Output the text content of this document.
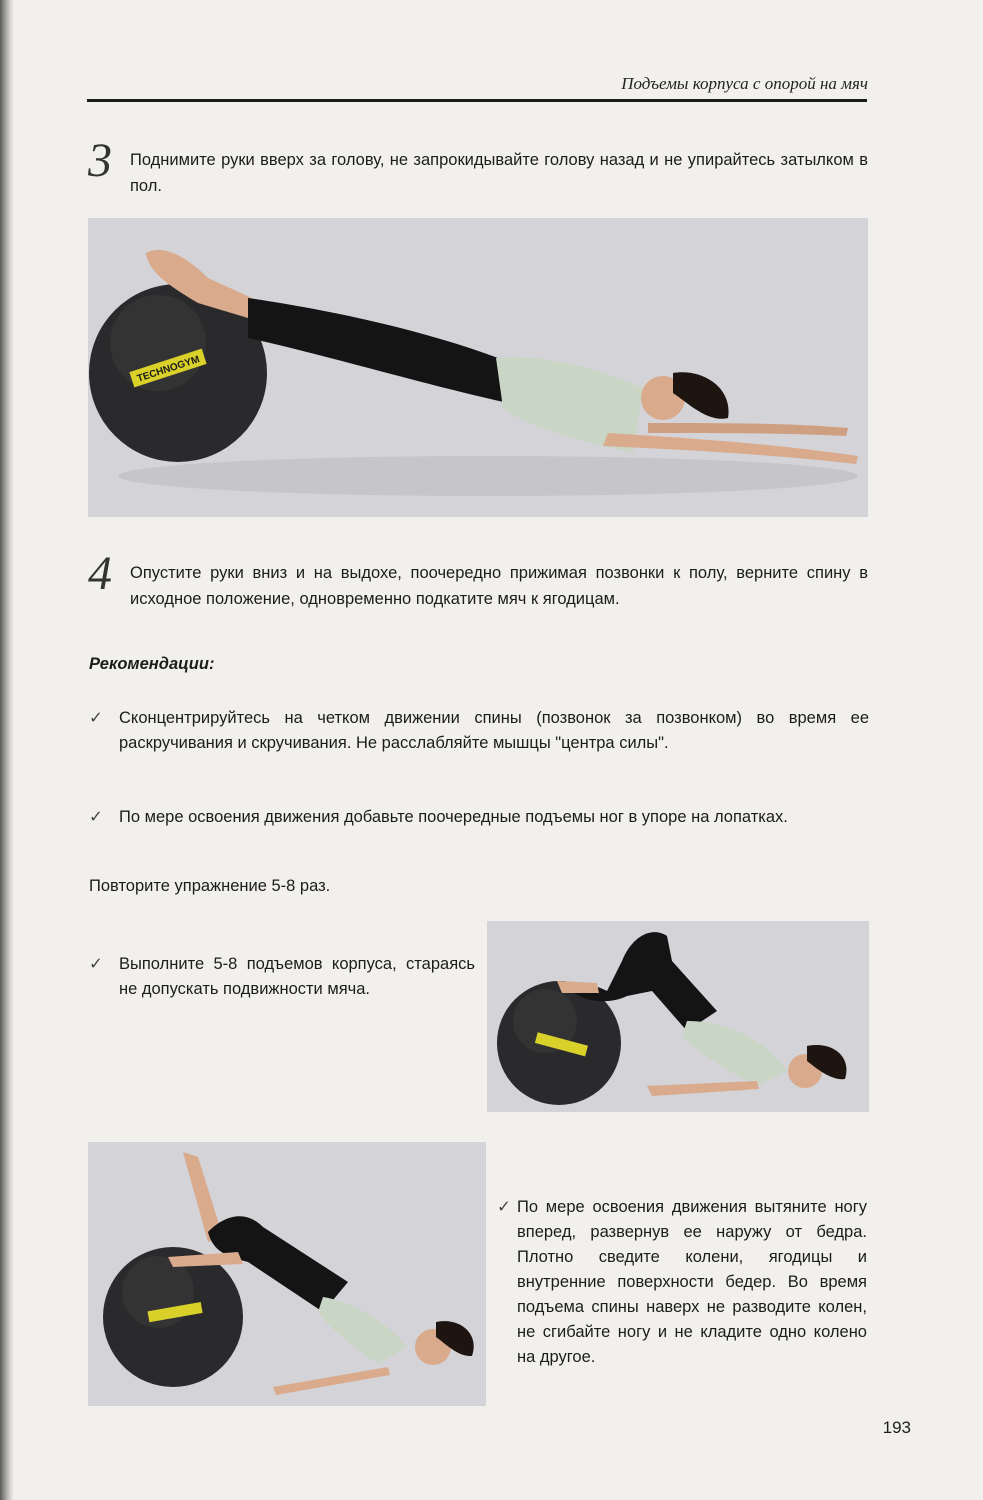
Подъемы корпуса с опорой на мяч
3 Поднимите руки вверх за голову, не запрокидывайте голову назад и не упирайтесь затылком в пол.
TECHNOGYM
4 Опустите руки вниз и на выдохе, поочередно прижимая позвонки к полу, верните спину в исходное положение, одновременно подкатите мяч к ягодицам.
Рекомендации:
✓ Сконцентрируйтесь на четком движении спины (позвонок за позвонком) во время ее раскручивания и скручивания. Не расслабляйте мышцы "центра силы".
✓ По мере освоения движения добавьте поочередные подъемы ног в упоре на лопатках.
Повторите упражнение 5-8 раз.
✓ Выполните 5-8 подъемов корпуса, стараясь не допускать подвижности мяча.
✓ По мере освоения движения вытяните ногу вперед, развернув ее наружу от бедра. Плотно сведите колени, ягодицы и внутренние поверхности бедер. Во время подъема спины наверх не разводите колен, не сгибайте ногу и не кладите одно колено на другое.
193
